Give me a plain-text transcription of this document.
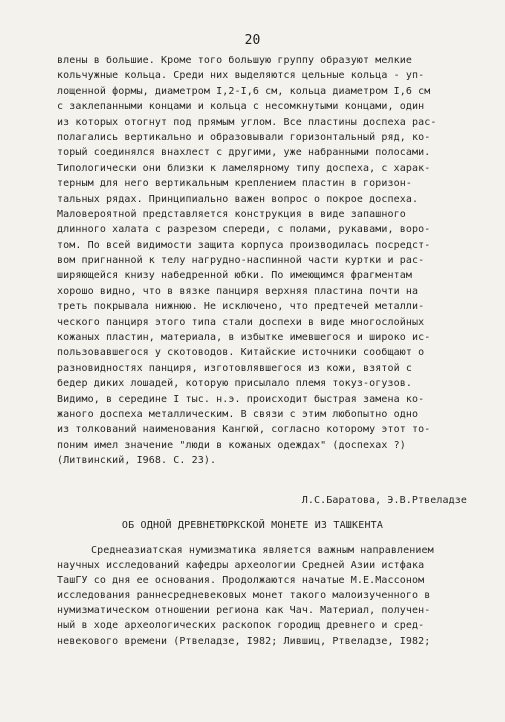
20
влены в большие. Кроме того большую группу образуют мелкие
кольчужные кольца. Среди них выделяются цельные кольца - уп-
лощенной формы, диаметром I,2-I,6 см, кольца диаметром I,6 см
с заклепанными концами и кольца с несомкнутыми концами, один
из которых отогнут под прямым углом. Все пластины доспеха рас-
полагались вертикально и образовывали горизонтальный ряд, ко-
торый соединялся внахлест с другими, уже набранными полосами.
Типологически они близки к ламелярному типу доспеха, с харак-
терным для него вертикальным креплением пластин в горизон-
тальных рядах. Принципиально важен вопрос о покрое доспеха.
Маловероятной представляется конструкция в виде запашного
длинного халата с разрезом спереди, с полами, рукавами, ворo-
том. По всей видимости защита корпуса производилась посредст-
вом пригнанной к телу нагрудно-наспинной части куртки и рас-
ширяющейся книзу набедренной юбки. По имеющимся фрагментам
хорошо видно, что в вязке панциря верхняя пластина почти на
треть покрывала нижнюю. Не исключено, что предтечей металли-
ческого панциря этого типа стали доспехи в виде многослойных
кожаных пластин, материала, в избытке имевшегося и широко ис-
пользовавшегося у скотоводов. Китайские источники сообщают о
разновидностях панциря, изготовлявшегося из кожи, взятой с
бедер диких лошадей, которую присылало племя токуз-огузов.
Видимо, в середине I тыс. н.э. происходит быстрая замена ко-
жаного доспеха металлическим. В связи с этим любопытно одно
из толкований наименования Кангюй, согласно которому этот то-
поним имел значение "люди в кожаных одеждах" (доспехах ?)
(Литвинский, I968. С. 23).
Л.С.Баратова, Э.В.Ртвеладзе
ОБ ОДНОЙ ДРЕВНЕТЮРКСКОЙ МОНЕТЕ ИЗ ТАШКЕНТА
Среднеазиатская нумизматика является важным направлением
научных исследований кафедры археологии Средней Азии истфака
ТашГУ со дня ее основания. Продолжаются начатые М.Е.Массоном
исследования раннесредневековых монет такого малоизученного в
нумизматическом отношении региона как Чач. Материал, получен-
ный в ходе археологических раскопок городищ древнего и сред-
невекового времени (Ртвеладзе, I982; Лившиц, Ртвеладзе, I982;
